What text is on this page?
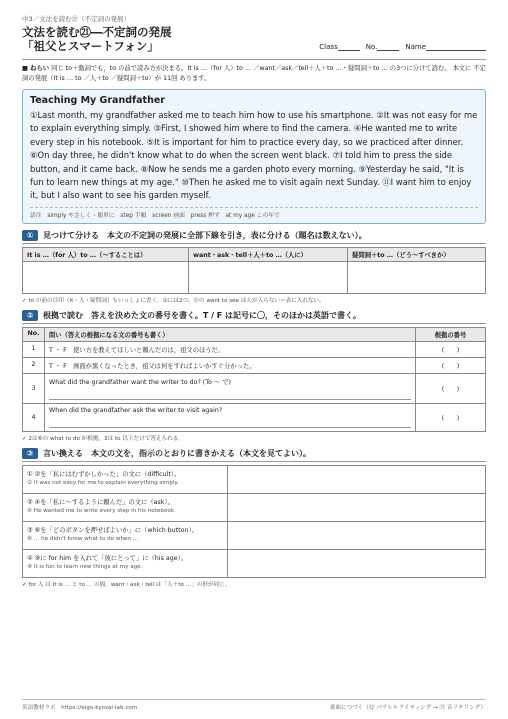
中3／文法を読む㉑（不定詞の発展）
文法を読む㉑―不定詞の発展
「祖父とスマートフォン」	Class	No.	Name
■ ねらい 同じ to＋動詞でも，to の前で読み方が決まる。It is …（for 人）to … ／want／ask／tell＋人＋to …・疑問詞＋to … の3つに分けて読む。 本文に 不定詞の発展（It is … to ／人＋to ／疑問詞＋to）が 11回 あります。
Teaching My Grandfather
①Last month, my grandfather asked me to teach him how to use his smartphone. ②It was not easy for me to explain everything simply. ③First, I showed him where to find the camera. ④He wanted me to write every step in his notebook. ⑤It is important for him to practice every day, so we practiced after dinner. ⑥On day three, he didn't know what to do when the screen went black. ⑦I told him to press the side button, and it came back. ⑧Now he sends me a garden photo every morning. ⑨Yesterday he said, "It is fun to learn new things at my age." ⑩Then he asked me to visit again next Sunday. ⑪I want him to enjoy it, but I also want to see his garden myself.
語注　simply やさしく・簡単に　step 手順　screen 画面　press 押す　at my age この年で
①	見つけて分ける　本文の不定詞の発展に全部下線を引き，表に分ける（題名は数えない）。
It is …（for 人）to …（～することは）	want・ask・tell＋人＋to …（人に）	疑問詞＋to …（どう～すべきか）

✓ to の前の目印（It・人・疑問詞）もいっしょに書く。①には2つ。⑪の want to see は人が入らない＝表に入れない。
②	根拠で読む　答えを決めた文の番号を書く。T / F は記号に〇，そのほかは英語で書く。
No.	問い（答えの根拠になる文の番号も書く）	根拠の番号
1	T ・ F　使い方を教えてほしいと頼んだのは，祖父のほうだ。	(　　)
2	T ・ F　画面が黒くなったとき，祖父は何をすればよいかすぐ分かった。	(　　)
3	What did the grandfather want the writer to do? (To ～ で)	(　　)
4	When did the grandfather ask the writer to visit again?	(　　)
✓ 2は⑥の what to do が根拠。3は to 以下だけで答えられる。
③	言い換える　本文の文を，指示のとおりに書きかえる（本文を見てよい）。
① ②を「私にはむずかしかった」の文に（difficult）。
② It was not easy for me to explain everything simply.	

② ④を「私に～するように頼んだ」の文に（ask）。
④ He wanted me to write every step in his notebook.	

③ ⑥を「どのボタンを押せばよいか」に（which button）。
⑥ … he didn't know what to do when …	

④ ⑨に for him を入れて「彼にとって」に（his age）。
⑨ It is fun to learn new things at my age.	

✓ for 人 は It is … と to … の間。want・ask・tell は「人＋to …」の形が同じ。
英語教材ラボ　https://eigo-kyozai-lab.com	裏面につづく（⑫ パラレルライティング → ⑬ 音リテリング）
